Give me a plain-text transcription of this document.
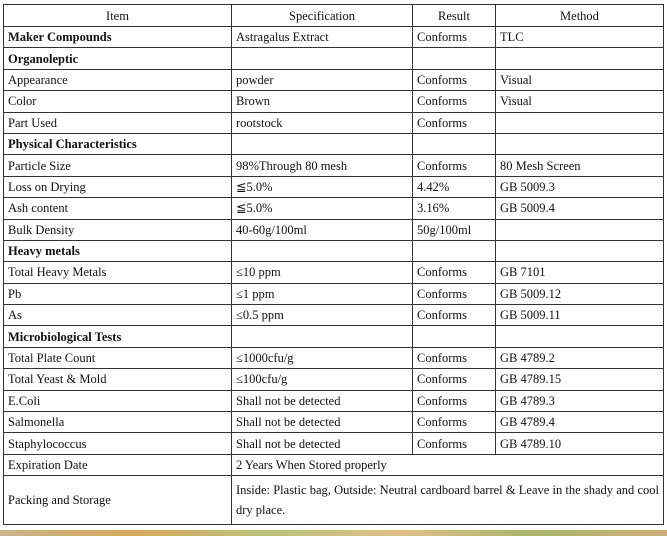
Item	Specification	Result	Method
Maker Compounds	Astragalus Extract	Conforms	TLC
Organoleptic			
Appearance	powder	Conforms	Visual
Color	Brown	Conforms	Visual
Part Used	rootstock	Conforms	
Physical Characteristics			
Particle Size	98%Through 80 mesh	Conforms	80 Mesh Screen
Loss on Drying	≦5.0%	4.42%	GB 5009.3
Ash content	≦5.0%	3.16%	GB 5009.4
Bulk Density	40-60g/100ml	50g/100ml	
Heavy metals			
Total Heavy Metals	≤10 ppm	Conforms	GB 7101
Pb	≤1 ppm	Conforms	GB 5009.12
As	≤0.5 ppm	Conforms	GB 5009.11
Microbiological Tests			
Total Plate Count	≤1000cfu/g	Conforms	GB 4789.2
Total Yeast & Mold	≤100cfu/g	Conforms	GB 4789.15
E.Coli	Shall not be detected	Conforms	GB 4789.3
Salmonella	Shall not be detected	Conforms	GB 4789.4
Staphylococcus	Shall not be detected	Conforms	GB 4789.10
Expiration Date	2 Years When Stored properly		
Packing and Storage	Inside: Plastic bag, Outside: Neutral cardboard barrel & Leave in the shady and cool dry place.		
